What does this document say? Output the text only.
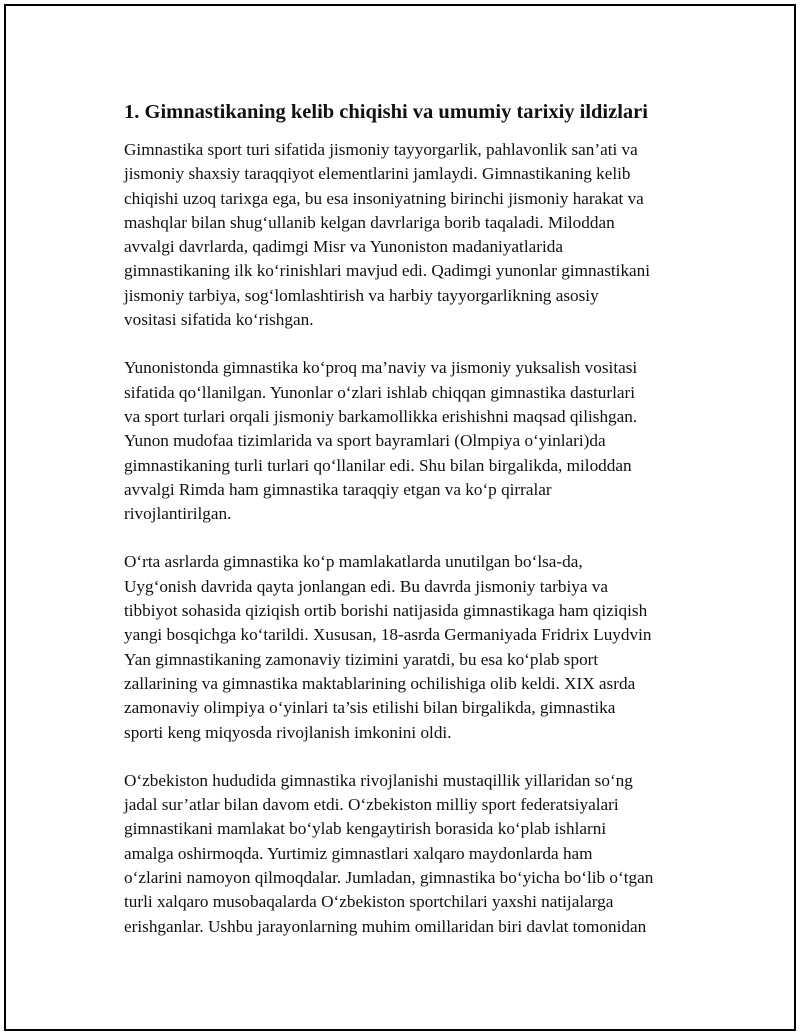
1. Gimnastikaning kelib chiqishi va umumiy tarixiy ildizlari
Gimnastika sport turi sifatida jismoniy tayyorgarlik, pahlavonlik san’ati va
jismoniy shaxsiy taraqqiyot elementlarini jamlaydi. Gimnastikaning kelib
chiqishi uzoq tarixga ega, bu esa insoniyatning birinchi jismoniy harakat va
mashqlar bilan shug‘ullanib kelgan davrlariga borib taqaladi. Miloddan
avvalgi davrlarda, qadimgi Misr va Yunoniston madaniyatlarida
gimnastikaning ilk ko‘rinishlari mavjud edi. Qadimgi yunonlar gimnastikani
jismoniy tarbiya, sog‘lomlashtirish va harbiy tayyorgarlikning asosiy
vositasi sifatida ko‘rishgan.
Yunonistonda gimnastika ko‘proq ma’naviy va jismoniy yuksalish vositasi
sifatida qo‘llanilgan. Yunonlar o‘zlari ishlab chiqqan gimnastika dasturlari
va sport turlari orqali jismoniy barkamollikka erishishni maqsad qilishgan.
Yunon mudofaa tizimlarida va sport bayramlari (Olmpiya o‘yinlari)da
gimnastikaning turli turlari qo‘llanilar edi. Shu bilan birgalikda, miloddan
avvalgi Rimda ham gimnastika taraqqiy etgan va ko‘p qirralar
rivojlantirilgan.
O‘rta asrlarda gimnastika ko‘p mamlakatlarda unutilgan bo‘lsa-da,
Uyg‘onish davrida qayta jonlangan edi. Bu davrda jismoniy tarbiya va
tibbiyot sohasida qiziqish ortib borishi natijasida gimnastikaga ham qiziqish
yangi bosqichga ko‘tarildi. Xususan, 18-asrda Germaniyada Fridrix Luydvin
Yan gimnastikaning zamonaviy tizimini yaratdi, bu esa ko‘plab sport
zallarining va gimnastika maktablarining ochilishiga olib keldi. XIX asrda
zamonaviy olimpiya o‘yinlari ta’sis etilishi bilan birgalikda, gimnastika
sporti keng miqyosda rivojlanish imkonini oldi.
O‘zbekiston hududida gimnastika rivojlanishi mustaqillik yillaridan so‘ng
jadal sur’atlar bilan davom etdi. O‘zbekiston milliy sport federatsiyalari
gimnastikani mamlakat bo‘ylab kengaytirish borasida ko‘plab ishlarni
amalga oshirmoqda. Yurtimiz gimnastlari xalqaro maydonlarda ham
o‘zlarini namoyon qilmoqdalar. Jumladan, gimnastika bo‘yicha bo‘lib o‘tgan
turli xalqaro musobaqalarda O‘zbekiston sportchilari yaxshi natijalarga
erishganlar. Ushbu jarayonlarning muhim omillaridan biri davlat tomonidan
